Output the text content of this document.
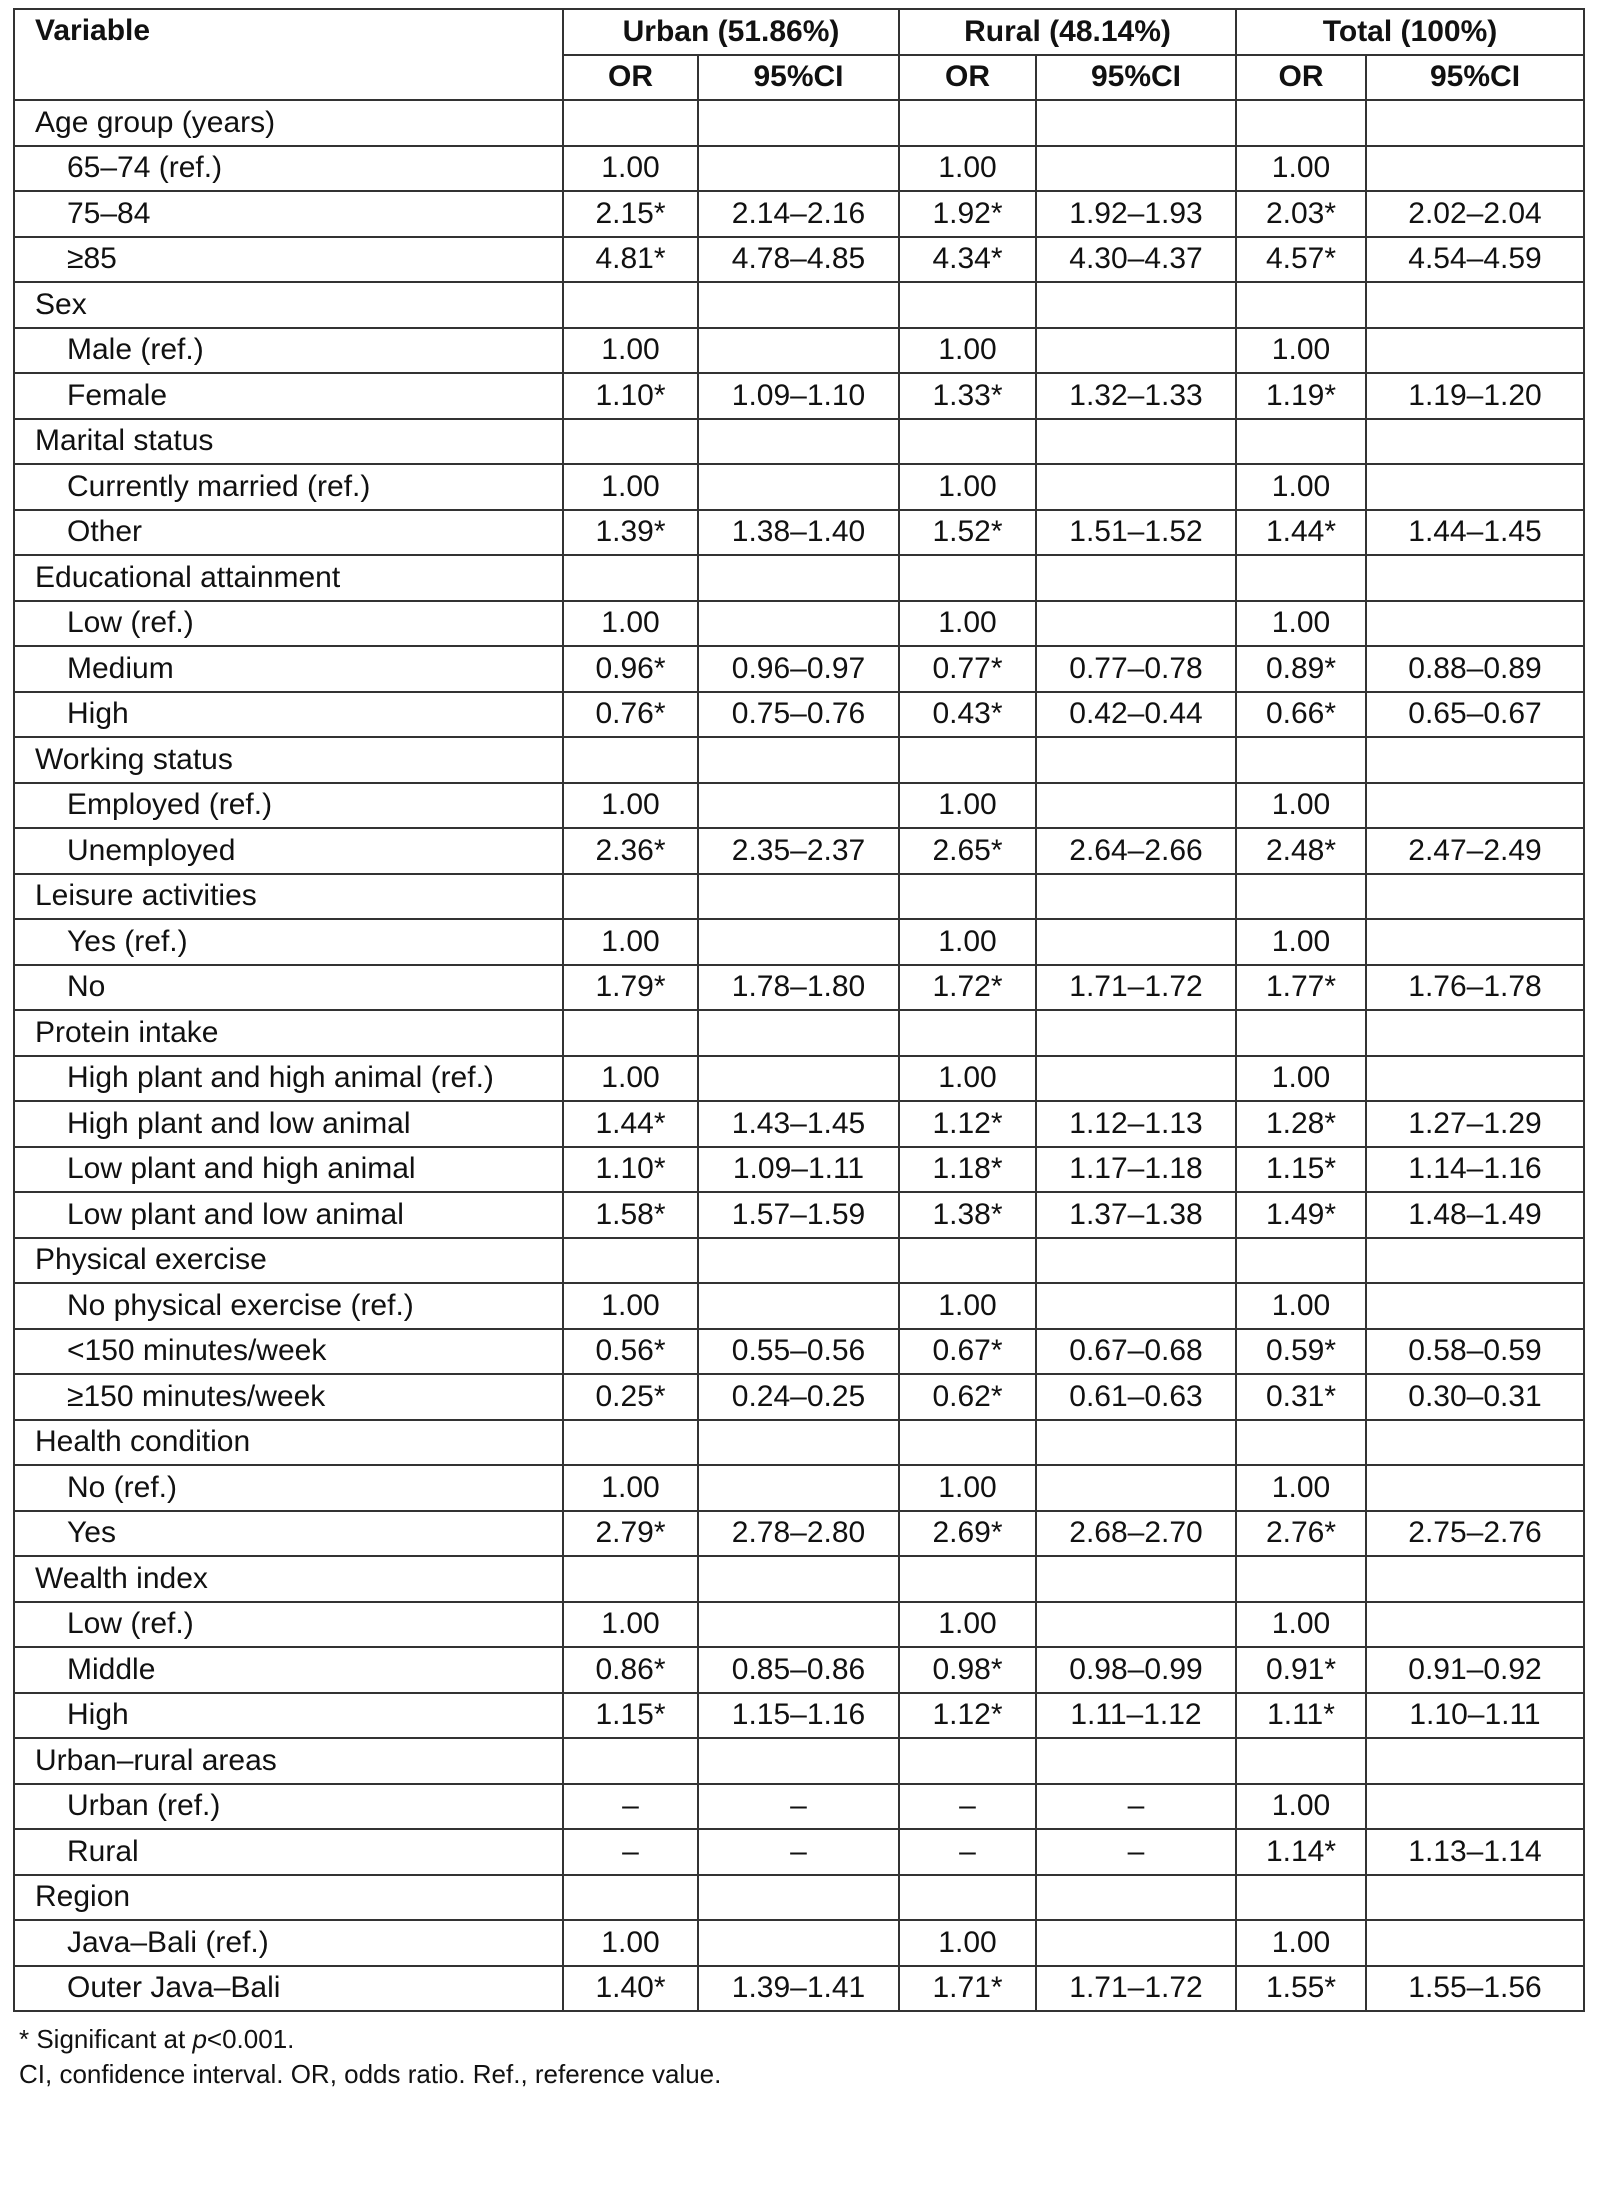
Variable	Urban (51.86%)		Rural (48.14%)		Total (100%)	
	OR	95%CI	OR	95%CI	OR	95%CI
Age group (years)						
65–74 (ref.)	1.00		1.00		1.00	
75–84	2.15*	2.14–2.16	1.92*	1.92–1.93	2.03*	2.02–2.04
≥85	4.81*	4.78–4.85	4.34*	4.30–4.37	4.57*	4.54–4.59
Sex						
Male (ref.)	1.00		1.00		1.00	
Female	1.10*	1.09–1.10	1.33*	1.32–1.33	1.19*	1.19–1.20
Marital status						
Currently married (ref.)	1.00		1.00		1.00	
Other	1.39*	1.38–1.40	1.52*	1.51–1.52	1.44*	1.44–1.45
Educational attainment						
Low (ref.)	1.00		1.00		1.00	
Medium	0.96*	0.96–0.97	0.77*	0.77–0.78	0.89*	0.88–0.89
High	0.76*	0.75–0.76	0.43*	0.42–0.44	0.66*	0.65–0.67
Working status						
Employed (ref.)	1.00		1.00		1.00	
Unemployed	2.36*	2.35–2.37	2.65*	2.64–2.66	2.48*	2.47–2.49
Leisure activities						
Yes (ref.)	1.00		1.00		1.00	
No	1.79*	1.78–1.80	1.72*	1.71–1.72	1.77*	1.76–1.78
Protein intake						
High plant and high animal (ref.)	1.00		1.00		1.00	
High plant and low animal	1.44*	1.43–1.45	1.12*	1.12–1.13	1.28*	1.27–1.29
Low plant and high animal	1.10*	1.09–1.11	1.18*	1.17–1.18	1.15*	1.14–1.16
Low plant and low animal	1.58*	1.57–1.59	1.38*	1.37–1.38	1.49*	1.48–1.49
Physical exercise						
No physical exercise (ref.)	1.00		1.00		1.00	
<150 minutes/week	0.56*	0.55–0.56	0.67*	0.67–0.68	0.59*	0.58–0.59
≥150 minutes/week	0.25*	0.24–0.25	0.62*	0.61–0.63	0.31*	0.30–0.31
Health condition						
No (ref.)	1.00		1.00		1.00	
Yes	2.79*	2.78–2.80	2.69*	2.68–2.70	2.76*	2.75–2.76
Wealth index						
Low (ref.)	1.00		1.00		1.00	
Middle	0.86*	0.85–0.86	0.98*	0.98–0.99	0.91*	0.91–0.92
High	1.15*	1.15–1.16	1.12*	1.11–1.12	1.11*	1.10–1.11
Urban–rural areas						
Urban (ref.)	–	–	–	–	1.00	
Rural	–	–	–	–	1.14*	1.13–1.14
Region						
Java–Bali (ref.)	1.00		1.00		1.00	
Outer Java–Bali	1.40*	1.39–1.41	1.71*	1.71–1.72	1.55*	1.55–1.56
* Significant at p<0.001.
CI, confidence interval. OR, odds ratio. Ref., reference value.
